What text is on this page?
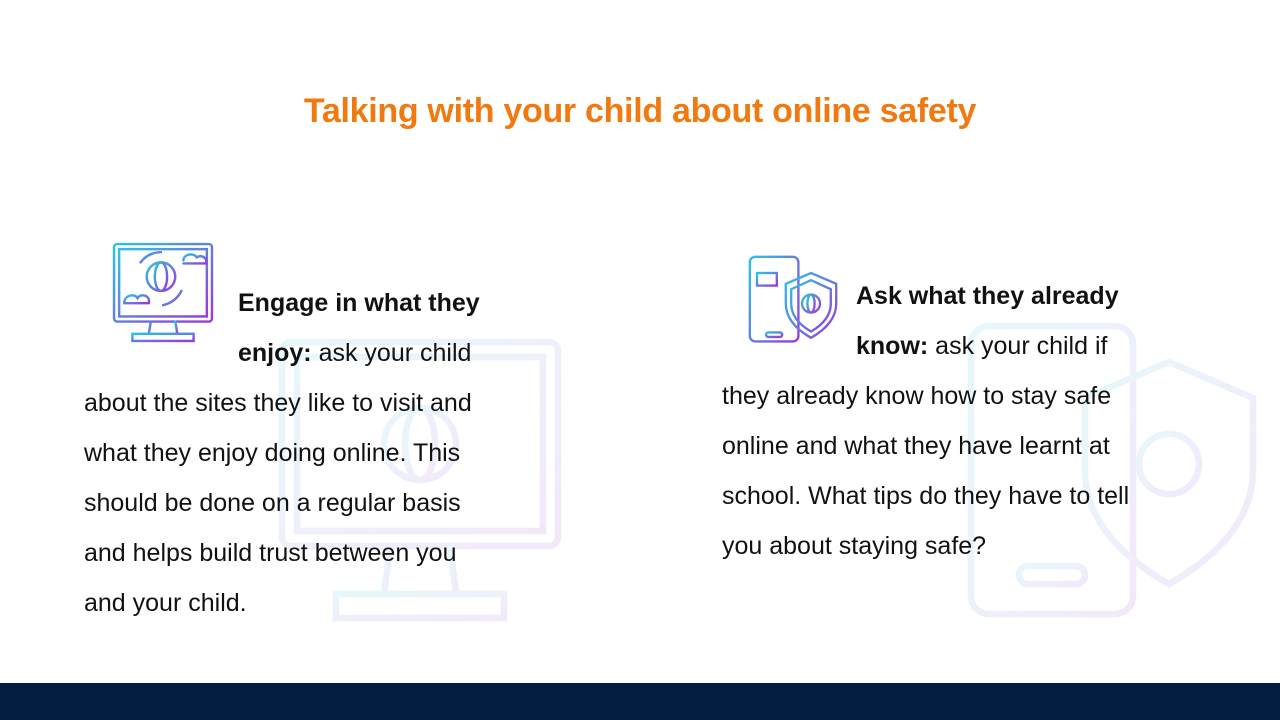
Talking with your child about online safety
Engage in what they
enjoy: ask your child
about the sites they like to visit and
what they enjoy doing online. This
should be done on a regular basis
and helps build trust between you
and your child.
Ask what they already
know: ask your child if
they already know how to stay safe
online and what they have learnt at
school. What tips do they have to tell
you about staying safe?
